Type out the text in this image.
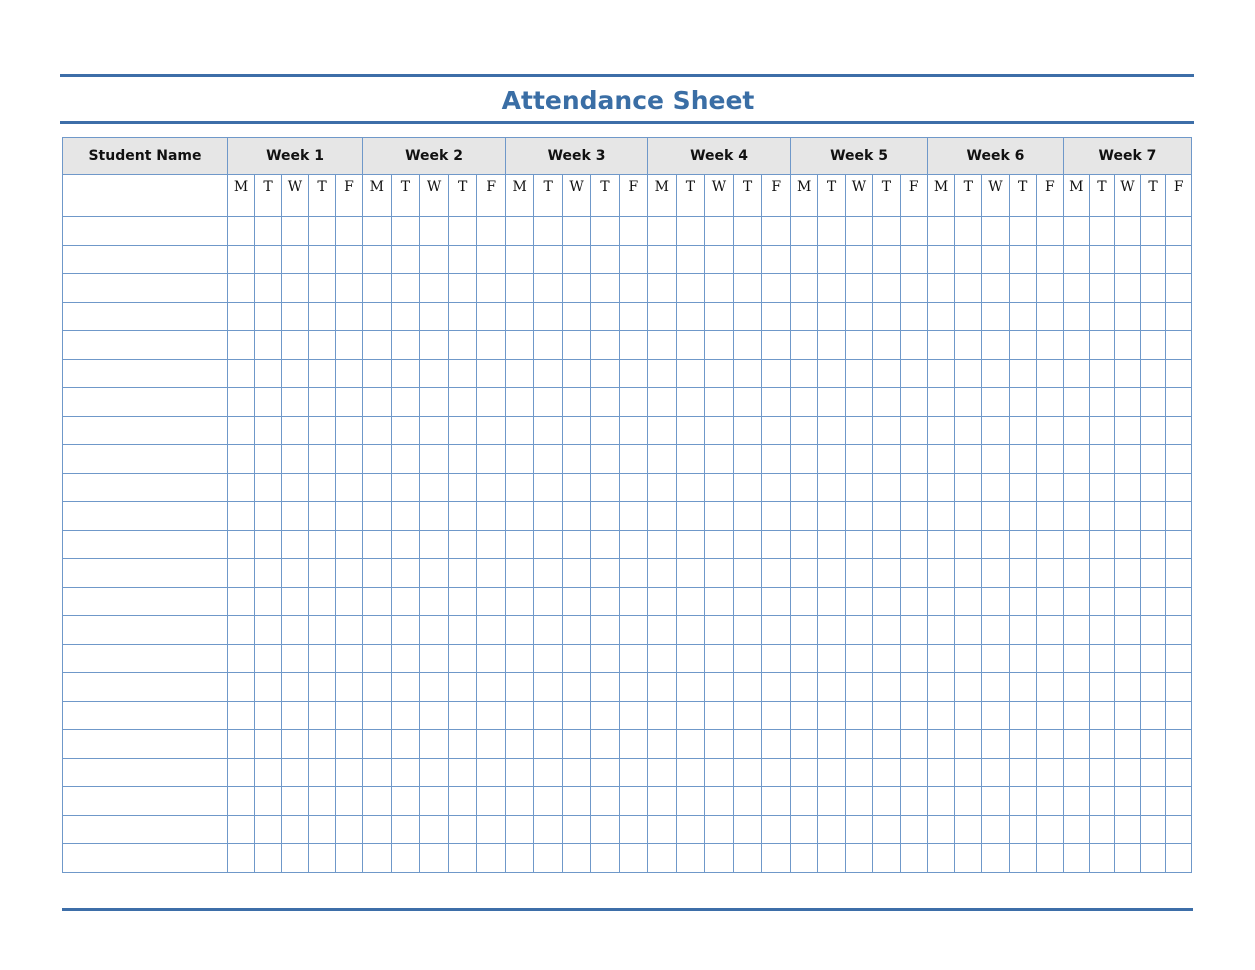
Attendance Sheet
Student Name	Week 1					Week 2					Week 3					Week 4					Week 5					Week 6					Week 7				
	M	T	W	T	F	M	T	W	T	F	M	T	W	T	F	M	T	W	T	F	M	T	W	T	F	M	T	W	T	F	M	T	W	T	F
